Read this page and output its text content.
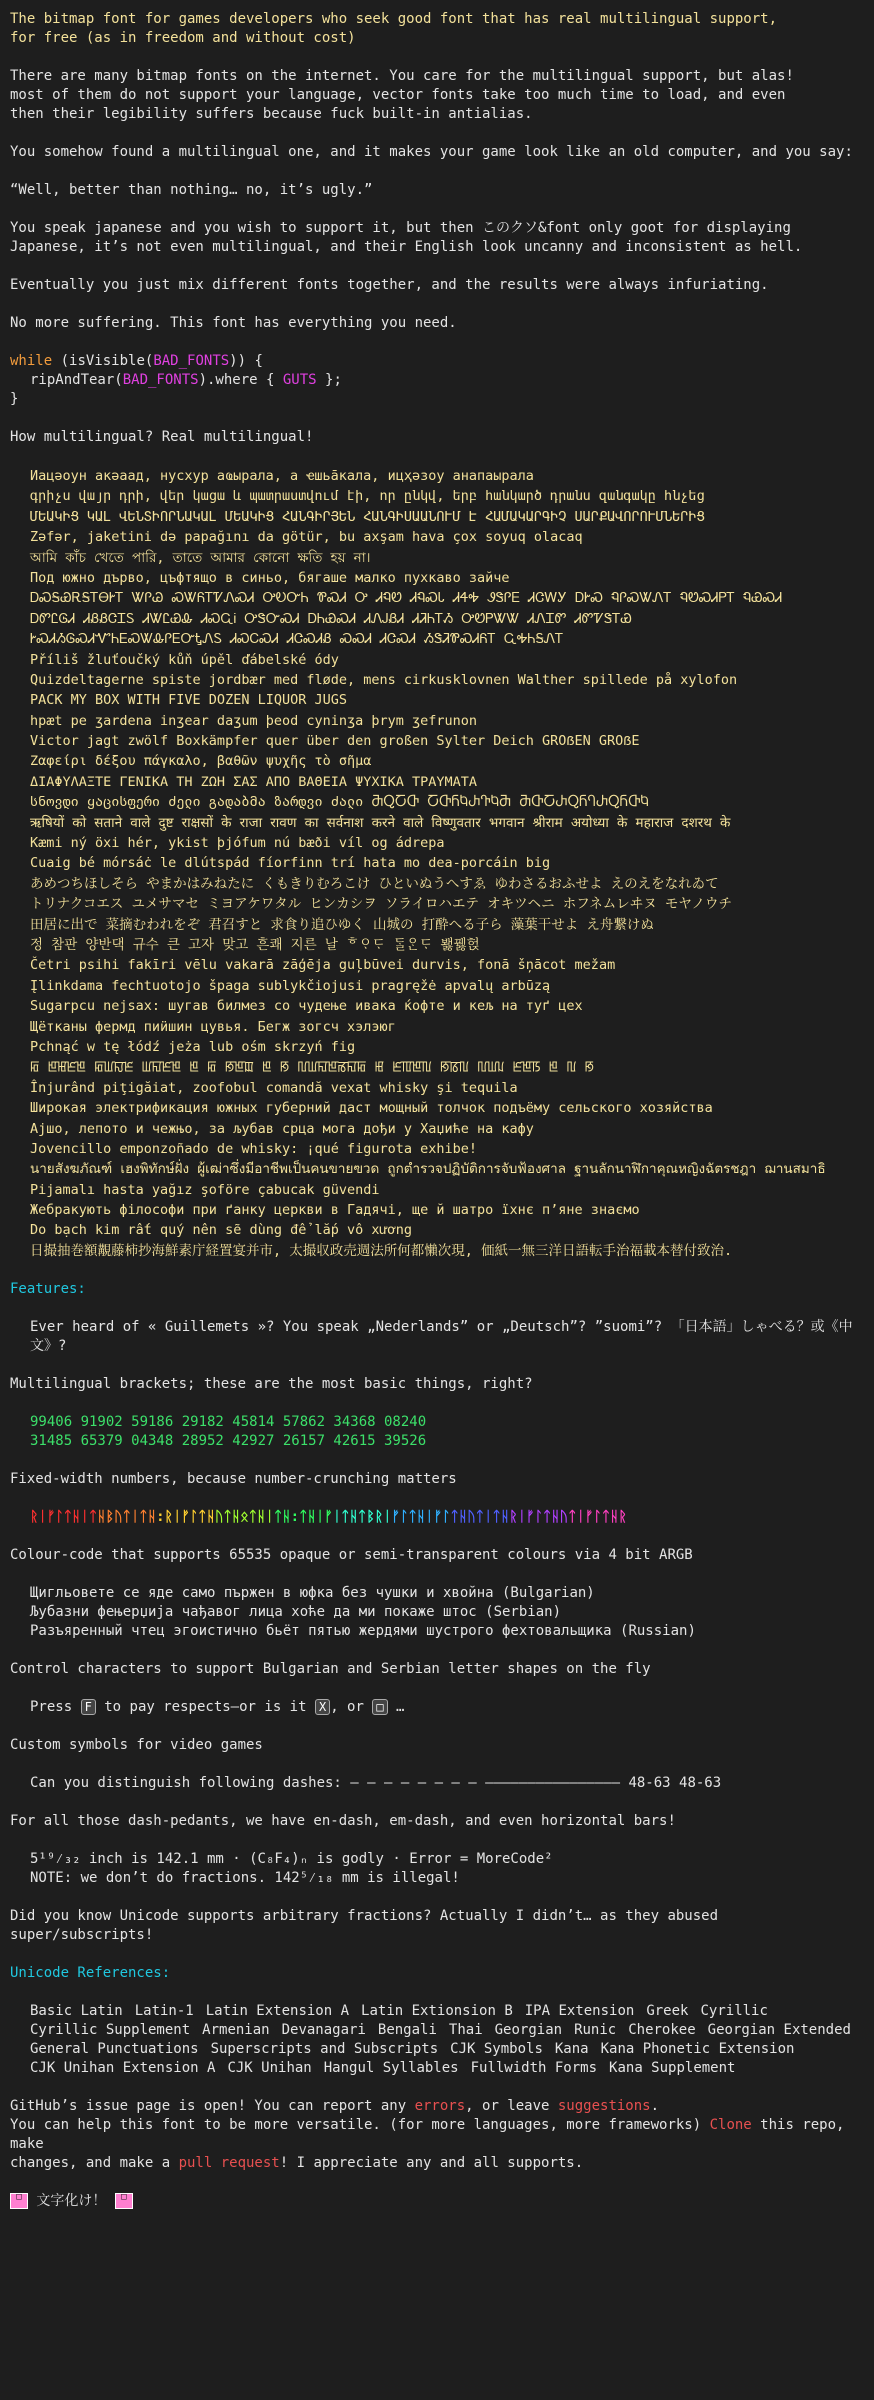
The bitmap font for games developers who seek good font that has real multilingual support,

for free (as in freedom and without cost)

There are many bitmap fonts on the internet. You care for the multilingual support, but alas!

most of them do not support your language, vector fonts take too much time to load, and even

then their legibility suffers because fuck built-in antialias.

You somehow found a multilingual one, and it makes your game look like an old computer, and you say:

“Well, better than nothing… no, it’s ugly.”

You speak japanese and you wish to support it, but then このクソ&font only goot for displaying

Japanese, it’s not even multilingual, and their English look uncanny and inconsistent as hell.

Eventually you just mix different fonts together, and the results were always infuriating.

No more suffering. This font has everything you need.

while (isVisible(BAD_FONTS)) {

ripAndTear(BAD_FONTS).where { GUTS };

}

How multilingual? Real multilingual!

Иацәоун акәаад, нусхур аҩырала, а ҽшьа̄кала, ицҳәзоу анапаырала
գրիչս վայր դրի, վեր կացա և պատրաստվում էի, որ ընկվ, երբ հանկարծ դրանս զանգակը հնչեց
ՄԵԱԿԻՑ ԿԱԼ ՎԵՆՏԻՈՐՆԱԿԱԼ ՄԵԱԿԻՑ ՀԱՆԳԻՐՅԵՆ ՀԱՆԳԻՍԱԱՆՈՒՄ Է ՀԱՄԱԿԱՐԳԻՉ ՍԱՐՔԱՎՈՐՈՒՄՆԵՐԻՑ
Zəfər, jaketini də papağını da götür, bu axşam hava çox soyuq olacaq
আমি কাঁচ খেতে পারি, তাতে আমার কোনো ক্ষতি হয় না।
Под южно дърво, цъфтящо в синьо, бягаше малко пухкаво зайче
ᎠᏍᎦᏯᎡᎦᎢᎾᎨᎢ ᏔᎵᏊ ᏍᏔᏲᎢᏤᏁᏍᏗ ᎤᎧᏅᏂ ᏈᏍᏗ Ꭴ ᏗᏄᏬ ᏗᏄᏍᏓ ᏗᏎᎭ ᏭᏕᎵᎬ ᏗᏣᎳᎩ ᎠᎨᏍ ᏄᎵᏍᏔᏁᎢ ᏄᏬᏍᏗᏢᎢ ᏄᏯᏍᏗ
ᎠᏛᏝᎶᏗ ᏗᏰᏰᏣᏆᏚ ᏗᏔᏝᏯᎲ ᏗᏍᏩᎥ ᎤᏕᏅᏍᏗ ᎠᏂᏯᏍᏗ ᏗᏁᎫᏰᏗ ᏗᏘᏂᎢᏱ ᎤᏬᏢᏔᏔ ᏗᏁᏆᏛ ᏗᏛᏤᏕᎢᏯ
ᎨᏍᏗᏱᎶᏍᏗᏉᏂᎬᏍᏔᎲᎵᎬᏅᎿᏁᏚ ᏗᏍᏟᏍᏗ ᏗᏣᏍᏗᏰ ᏍᏍᏗ ᏗᏣᏍᏗ ᏱᏕᏘᏈᏍᏗᏲᎢ ᏩᎭᏂᎦᏁᎢ
Příliš žluťoučký kůň úpěl ďábelské ódy
Quizdeltagerne spiste jordbær med fløde, mens cirkusklovnen Walther spillede på xylofon
PACK MY BOX WITH FIVE DOZEN LIQUOR JUGS
hpæt pe ʒardena inʒear daʒum þeod cyninʒa þrym ʒefrunon
Victor jagt zwölf Boxkämpfer quer über den großen Sylter Deich GROẞEN GROẞE
Ζαφείρι δέξου πάγκαλο, βαθῶν ψυχῆς τὸ σῆμα
ΔΙΑΦΥΛΑΞΤΕ ΓΕΝΙΚΑ ΤΗ ΖΩΗ ΣΑΣ ΑΠΟ ΒΑΘΕΙΑ ΨΥΧΙΚΑ ΤΡΑΥΜΑΤΑ
სნოვდი ყაცისფერი ძელი გადაბმა ზარდვი ძალი ႫႭႠႧ ႠႧႬႩႰႥႩႫ ႫႧႠႰႭႬႤႰႭႬႧႩ
ऋषियों को सताने वाले दुष्ट राक्षसों के राजा रावण का सर्वनाश करने वाले विष्णुवतार भगवान श्रीराम अयोध्या के महाराज दशरथ के
Kæmi ný öxi hér, ykist þjófum nú bæði víl og ádrepa
Cuaig bé mórsáċ le dlútspád fíorfinn trí hata mo dea-porcáin big
あめつちほしそら やまかはみねたに くもきりむろこけ ひといぬうへすゑ ゆわさるおふせよ えのえをなれゐて
トリナクコエス ユメサマセ ミヨアケワタル ヒンカシヲ ソライロハエテ オキツヘニ ホフネムレヰヌ モヤノウチ
田居に出で 菜摘むわれをぞ 君召すと 求食り追ひゆく 山城の 打酔へる子ら 藻葉干せよ え舟繋けぬ
정 참판 양반댁 규수 큰 고자 맞고 흔쾌 지른 날 ᄒᅠᄋᆞᄃᆞ ᄃᆞᆯᄋᆞᆫᄃᆞ 봻꿿헍
Četri psihi fakīri vēlu vakarā zāģēja guļbūvei durvis, fonā šņācot mežam
Įlinkdama fechtuotojo špaga sublykčiojusi pragręžė apvalų arbūzą
Sugarpcu nejsax: шугав билмез со чудење ивака ќофте и кељ на туґ цех
Щётканы фермд пиӥшин цувья. Бегж зогсч хэлэюг
Pchnąć w tę łódź jeża lub ośm skrzyń fig
ꡂ ꡁꡅꡈꡁ ꡂꡆꡍꡈ ꡆꡎꡈꡁ ꡁ ꡂ ꡐꡁꡉ ꡁ ꡐ ꡃꡆꡎꡁꡏꡎꡂ ꡅ ꡈꡄꡁꡃ ꡐꡋꡃ ꡃꡆꡊ ꡈꡁꡑ ꡁ ꡃ ꡐ
Înjurând piţigăiat, zoofobul comandă vexat whisky şi tequila
Широкая электрификация южных губерний даст мощный толчок подъёму сельского хозяйства
Ајшо, лепото и чежњо, за љубав срца мога дођи у Хаџиће на кафу
Jovencillo emponzoñado de whisky: ¡qué figurota exhibe!
นายสังฆภัณฑ์ เฮงพิทักษ์ฝั่ง ผู้เฒ่าซึ่งมีอาชีพเป็นคนขายฃวด ถูกตำรวจปฏิบัติการจับฟ้องศาล ฐานลักนาฬิกาคุณหญิงฉัตรชฎา ฌานสมาธิ
Pijamalı hasta yağız şoföre çabucak güvendi
Жебракують філософи при ґанку церкви в Гадячі, ще й шатро їхнє п’яне знаємо
Do bạch kim rất quý nên sẽ dùng để lắp vô xương
日撮抽巻額覯藤柿抄海鮮素庁経置宴并市, 太撮収政売週法所何都懶次現, 価紙一無三洋日語転手治福載本替付致治.

Features:

Ever heard of « Guillemets »? You speak „Nederlands” or „Deutsch”? ”suomi”? 「日本語」しゃべる？或《中文》?

Multilingual brackets; these are the most basic things, right?

99406 91902 59186 29182 45814 57862 34368 08240

31485 65379 04348 28952 42927 26157 42615 39526

Fixed-width numbers, because number-crunching matters

ᚱᛁᚠᛚᛏᚺᛁᛏᚺᛒᚢᛏᛁᛏᚺ:ᚱᛁᚠᛚᛏᚺᚢᛏᚺᛟᛏᚺᛁᛏᚺ:ᛏᚺᛁᚠᛁᛏᚺᛏᛒᚱᛁᚠᛚᛏᚺᛁᚠᛚᛏᚺᚢᛏᛁᛏᚺᚱᛁᚠᛚᛏᚺᚢᛏᛁᚠᛚᛏᚺᚱ

Colour-code that supports 65535 opaque or semi-transparent colours via 4 bit ARGB

Щигльовете се яде само пържен в юфка без чушки и хвойна (Bulgarian)

Љубазни фењерџија чађавог лица хоће да ми покаже штос (Serbian)

Разъяренный чтец эгоистично бьёт пятью жердями шустрого фехтовальщика (Russian)

Control characters to support Bulgarian and Serbian letter shapes on the fly

Press F to pay respects—or is it X , or □ …

Custom symbols for video games

Can you distinguish following dashes: ‒ ‒ ‒ ‒ ‒ ‒ ‒ ‒ ―――――――――――――――― 48-63 48-63

For all those dash-pedants, we have en-dash, em-dash, and even horizontal bars!

5¹⁹⁄₃₂ inch is 142.1 mm · (C₈F₄)ₙ is godly · Error = MoreCode²

NOTE: we don’t do fractions. 142⁵⁄₁₈ mm is illegal!

Did you know Unicode supports arbitrary fractions? Actually I didn’t… as they abused super/subscripts!

Unicode References:

Basic Latin Latin-1 Latin Extension A Latin Extionsion B IPA Extension Greek Cyrillic

Cyrillic Supplement Armenian Devanagari Bengali Thai Georgian Runic Cherokee Georgian Extended

General Punctuations Superscripts and Subscripts CJK Symbols Kana Kana Phonetic Extension

CJK Unihan Extension A CJK Unihan Hangul Syllables Fullwidth Forms Kana Supplement

GitHub’s issue page is open! You can report any errors, or leave suggestions.

You can help this font to be more versatile. (for more languages, more frameworks) Clone this repo, make

changes, and make a pull request! I appreciate any and all supports.

□ 文字化け！ □
